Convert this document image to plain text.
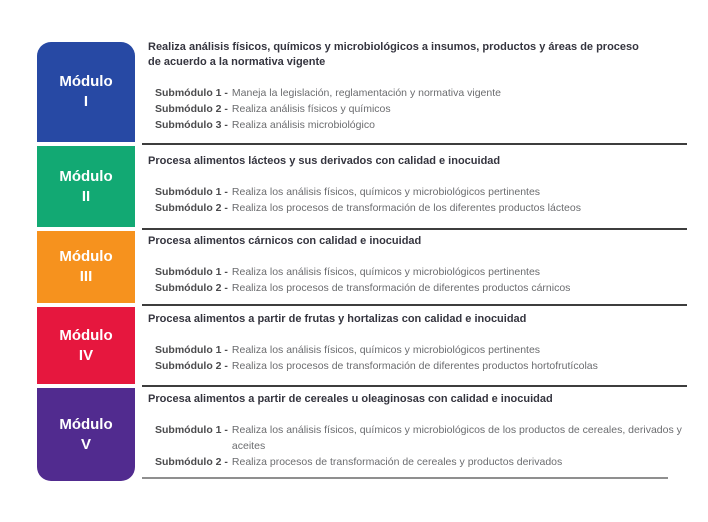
Módulo
I
Módulo
II
Módulo
III
Módulo
IV
Módulo
V

Realiza análisis físicos, químicos y microbiológicos a insumos, productos y áreas de proceso de acuerdo a la normativa vigente

Submódulo 1 - Maneja la legislación, reglamentación y normativa vigente
Submódulo 2 - Realiza análisis físicos y químicos
Submódulo 3 - Realiza análisis microbiológico

Procesa alimentos lácteos y sus derivados con calidad e inocuidad

Submódulo 1 - Realiza los análisis físicos, químicos y microbiológicos pertinentes
Submódulo 2 - Realiza los procesos de transformación de los diferentes productos lácteos

Procesa alimentos cárnicos con calidad e inocuidad

Submódulo 1 - Realiza los análisis físicos, químicos y microbiológicos pertinentes
Submódulo 2 - Realiza los procesos de transformación de diferentes productos cárnicos

Procesa alimentos a partir de frutas y hortalizas con calidad e inocuidad

Submódulo 1 - Realiza los análisis físicos, químicos y microbiológicos pertinentes
Submódulo 2 - Realiza los procesos de transformación de diferentes productos hortofrutícolas

Procesa alimentos a partir de cereales u oleaginosas con calidad e inocuidad

Submódulo 1 - Realiza los análisis físicos, químicos y microbiológicos de los productos de cereales, derivados y aceites
Submódulo 2 - Realiza procesos de transformación de cereales y productos derivados
